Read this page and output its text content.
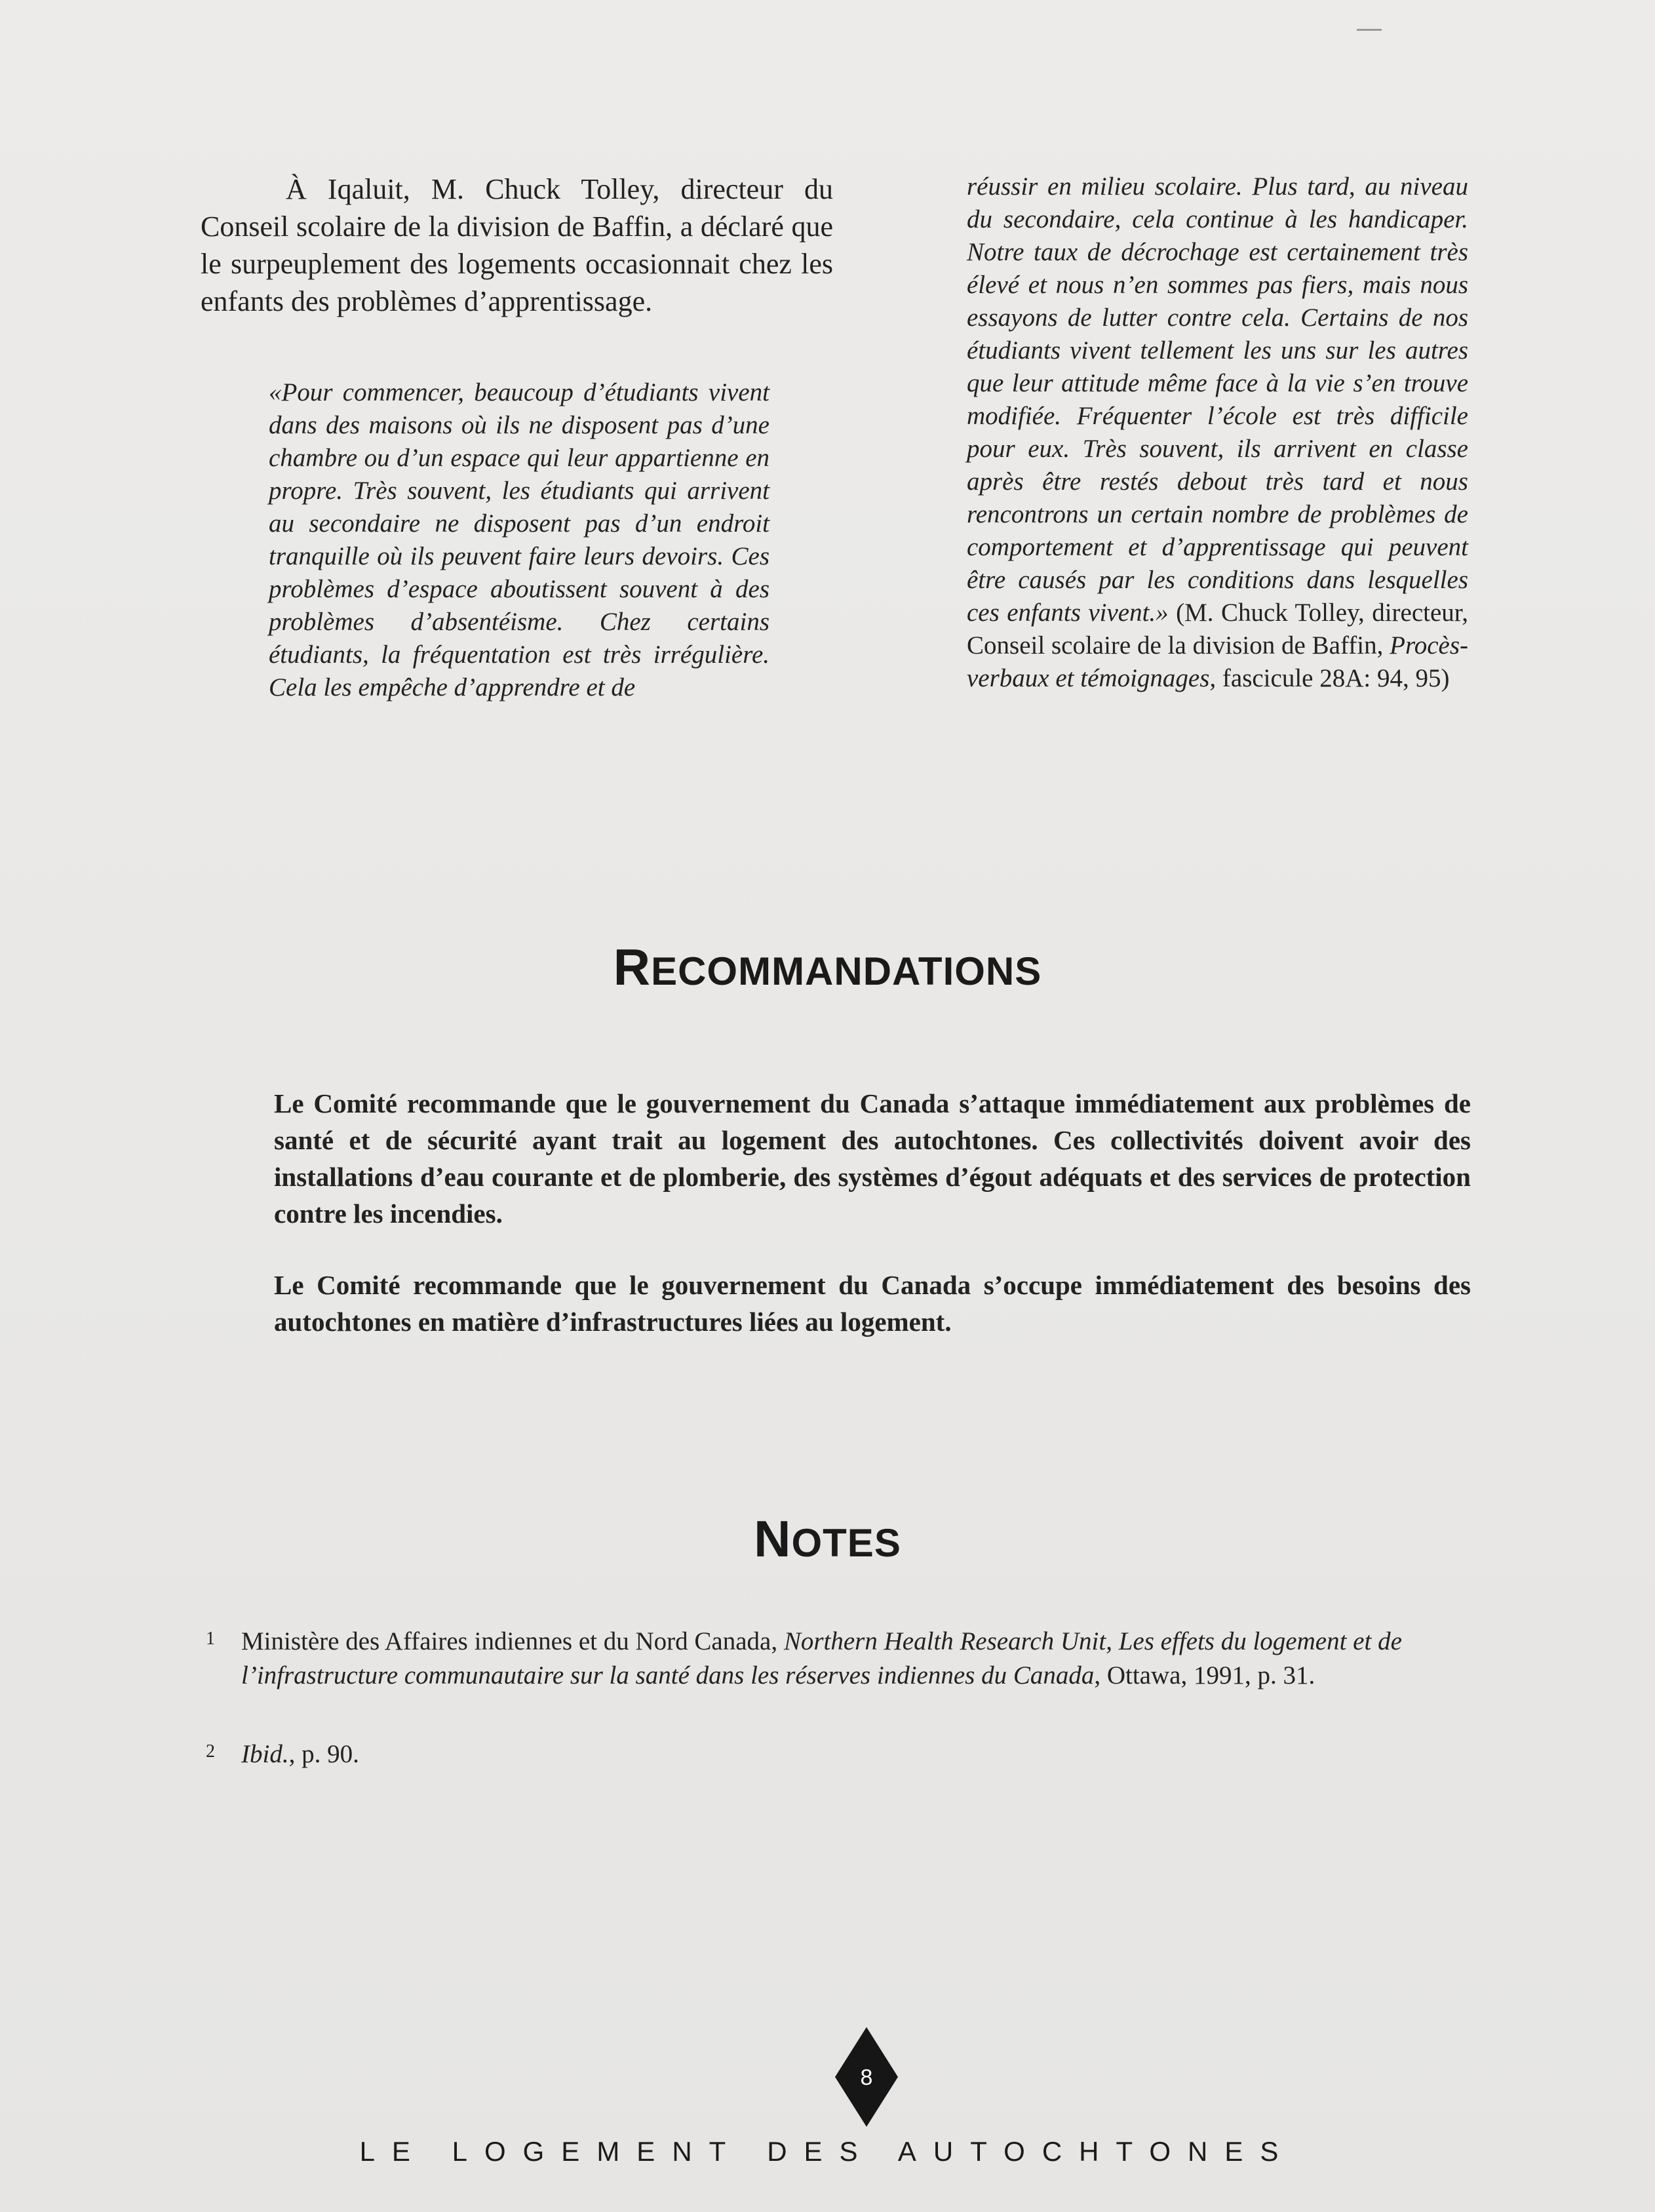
À Iqaluit, M. Chuck Tolley, directeur du Conseil scolaire de la division de Baffin, a déclaré que le surpeuplement des logements occasionnait chez les enfants des problèmes d’apprentissage.

«Pour commencer, beaucoup d’étudiants vivent dans des maisons où ils ne disposent pas d’une chambre ou d’un espace qui leur appartienne en propre. Très souvent, les étudiants qui arrivent au secondaire ne disposent pas d’un endroit tranquille où ils peuvent faire leurs devoirs. Ces problèmes d’espace aboutissent souvent à des problèmes d’absentéisme. Chez certains étudiants, la fréquentation est très irrégulière. Cela les empêche d’apprendre et de

réussir en milieu scolaire. Plus tard, au niveau du secondaire, cela continue à les handicaper. Notre taux de décrochage est certainement très élevé et nous n’en sommes pas fiers, mais nous essayons de lutter contre cela. Certains de nos étudiants vivent tellement les uns sur les autres que leur attitude même face à la vie s’en trouve modifiée. Fréquenter l’école est très difficile pour eux. Très souvent, ils arrivent en classe après être restés debout très tard et nous rencontrons un certain nombre de problèmes de comportement et d’apprentissage qui peuvent être causés par les conditions dans lesquelles ces enfants vivent.» (M. Chuck Tolley, directeur, Conseil scolaire de la division de Baffin, Procès-verbaux et témoignages, fascicule 28A: 94, 95)

RECOMMANDATIONS

Le Comité recommande que le gouvernement du Canada s’attaque immédiatement aux problèmes de santé et de sécurité ayant trait au logement des autochtones. Ces collectivités doivent avoir des installations d’eau courante et de plomberie, des systèmes d’égout adéquats et des services de protection contre les incendies.

Le Comité recommande que le gouvernement du Canada s’occupe immédiatement des besoins des autochtones en matière d’infrastructures liées au logement.

NOTES
1 Ministère des Affaires indiennes et du Nord Canada, Northern Health Research Unit, Les effets du logement et de l’infrastructure communautaire sur la santé dans les réserves indiennes du Canada, Ottawa, 1991, p. 31.
2 Ibid., p. 90.
8
LE LOGEMENT DES AUTOCHTONES
